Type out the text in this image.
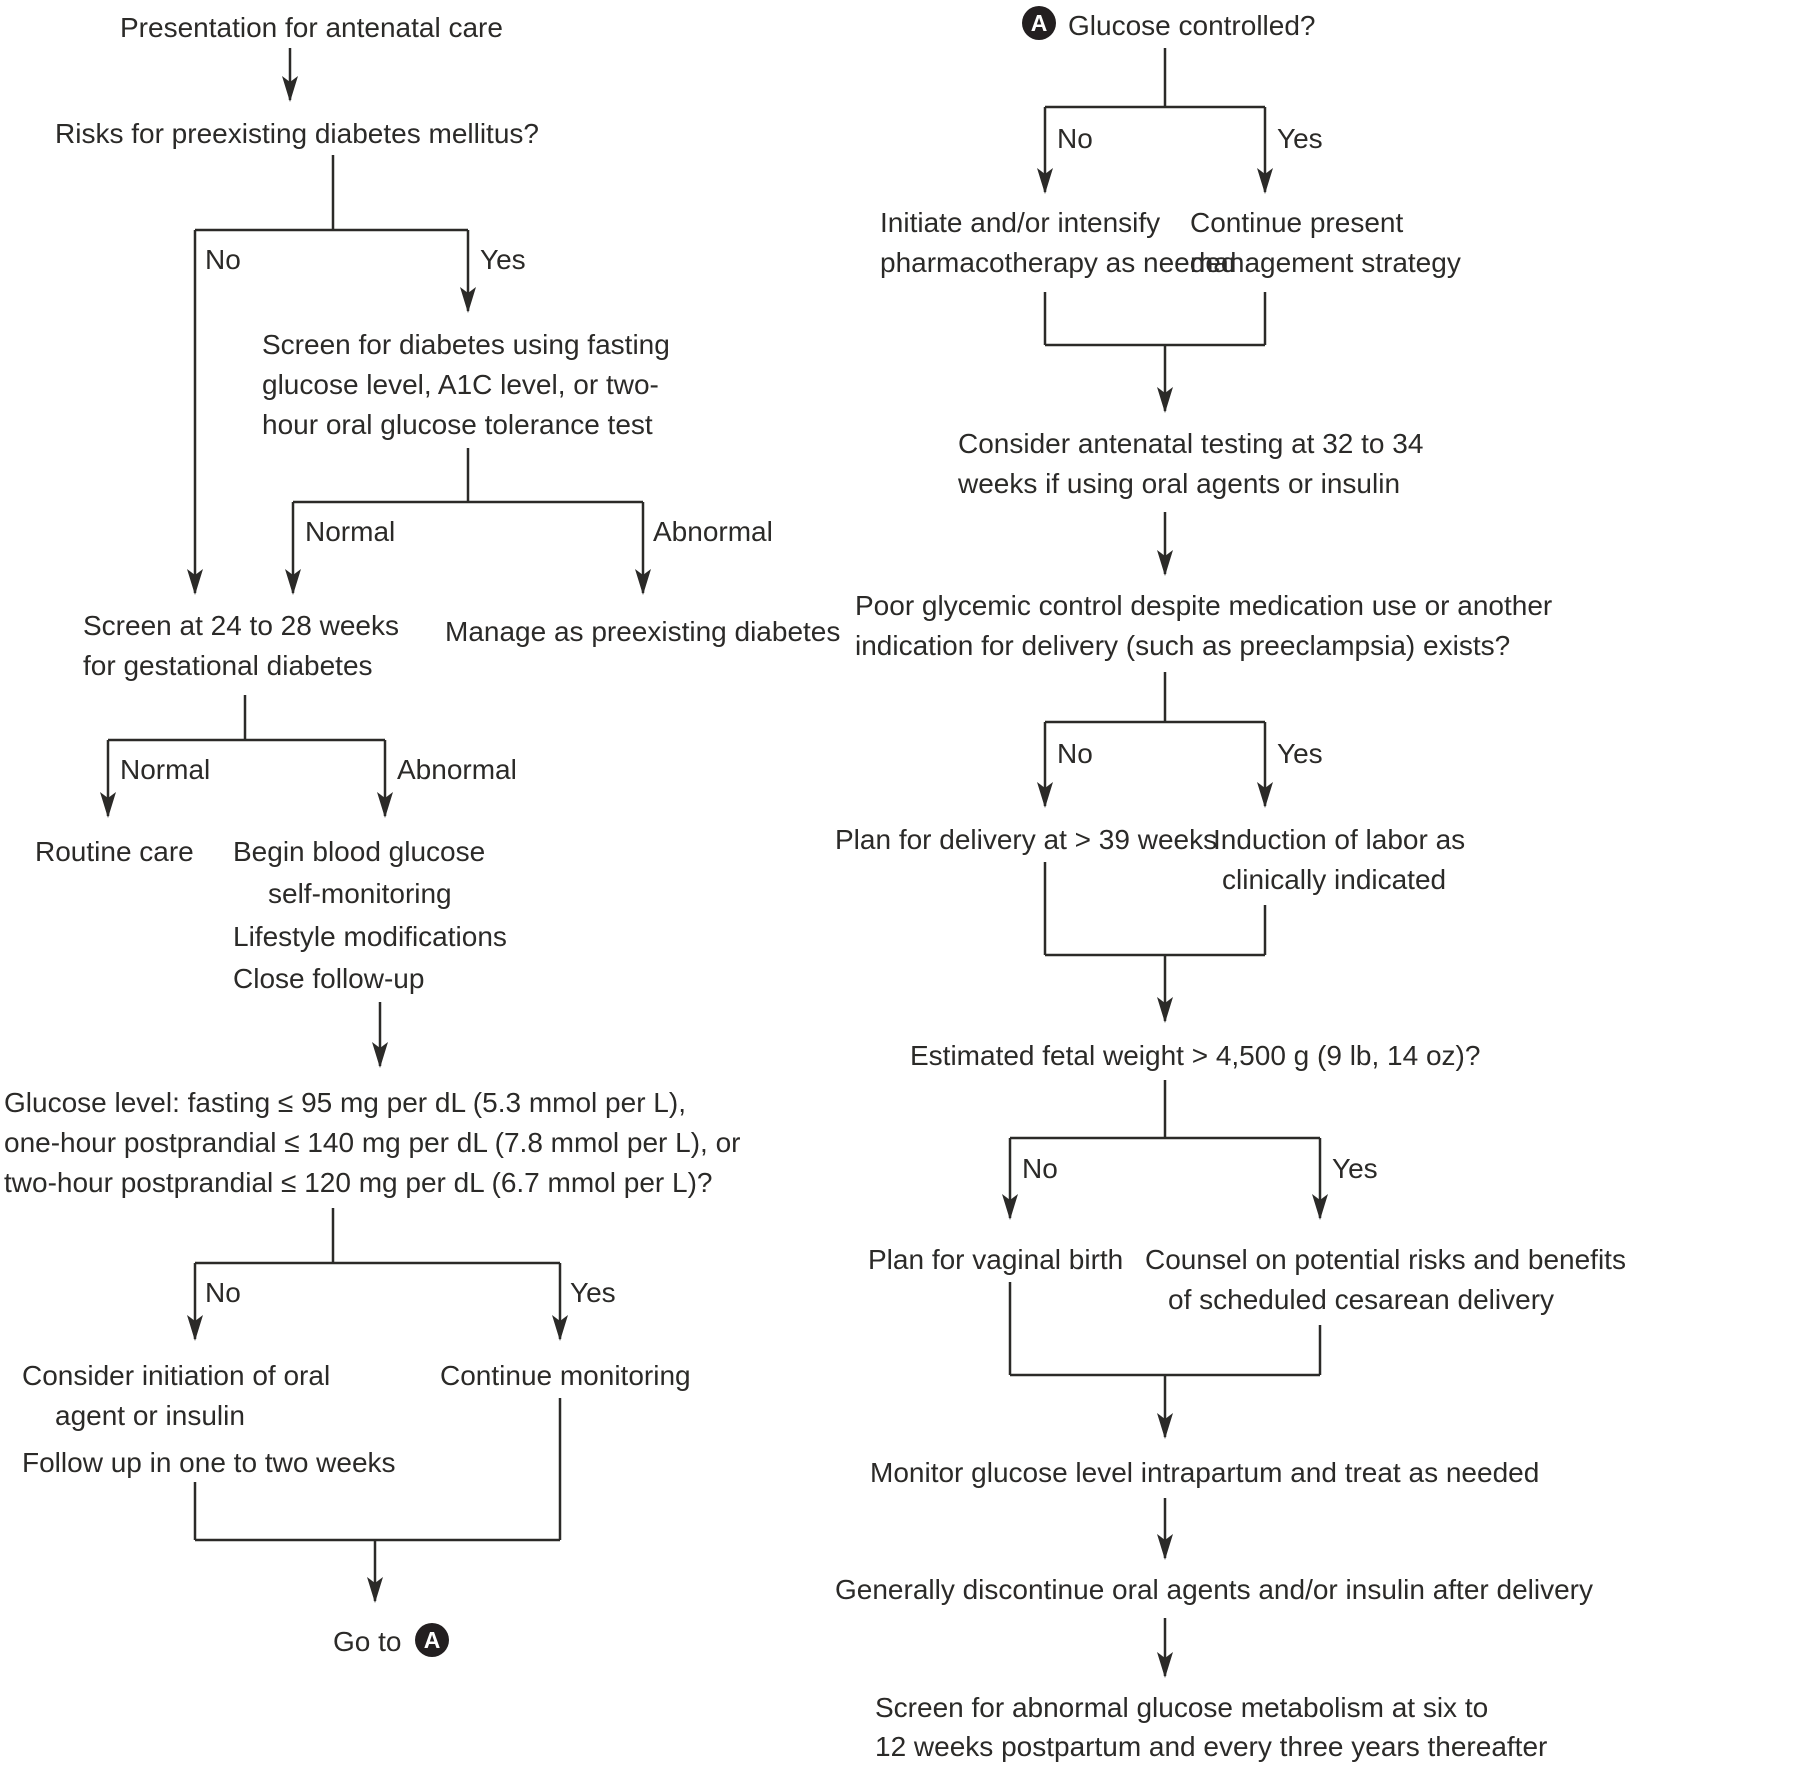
Presentation for antenatal care
Risks for preexisting diabetes mellitus?
No	Yes
Screen for diabetes using fasting
glucose level, A1C level, or two-
hour oral glucose tolerance test
Normal	Abnormal
Screen at 24 to 28 weeks
for gestational diabetes
Manage as preexisting diabetes
Normal	Abnormal
Routine care Begin blood glucose
self-monitoring
Lifestyle modifications
Close follow-up
Glucose level: fasting ≤ 95 mg per dL (5.3 mmol per L),
one-hour postprandial ≤ 140 mg per dL (7.8 mmol per L), or
two-hour postprandial ≤ 120 mg per dL (6.7 mmol per L)?
No	Yes
Consider initiation of oral
agent or insulin
Follow up in one to two weeks
Continue monitoring
Go to A
A Glucose controlled?
No	Yes
Initiate and/or intensify
pharmacotherapy as needed
Continue present
management strategy
Consider antenatal testing at 32 to 34
weeks if using oral agents or insulin
Poor glycemic control despite medication use or another
indication for delivery (such as preeclampsia) exists?
No	Yes
Plan for delivery at > 39 weeks
Induction of labor as
clinically indicated
Estimated fetal weight > 4,500 g (9 lb, 14 oz)?
No	Yes
Plan for vaginal birth Counsel on potential risks and benefits
of scheduled cesarean delivery
Monitor glucose level intrapartum and treat as needed
Generally discontinue oral agents and/or insulin after delivery
Screen for abnormal glucose metabolism at six to
12 weeks postpartum and every three years thereafter
